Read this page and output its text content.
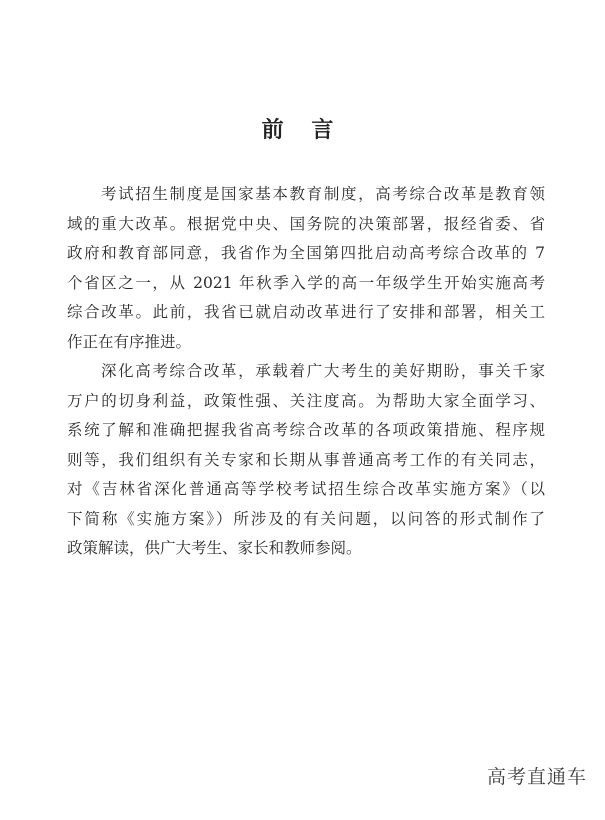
前 言
考试招生制度是国家基本教育制度，高考综合改革是教育领
域的重大改革。根据党中央、国务院的决策部署，报经省委、省
政府和教育部同意，我省作为全国第四批启动高考综合改革的 7
个省区之一，从 2021 年秋季入学的高一年级学生开始实施高考
综合改革。此前，我省已就启动改革进行了安排和部署，相关工
作正在有序推进。
深化高考综合改革，承载着广大考生的美好期盼，事关千家
万户的切身利益，政策性强、关注度高。为帮助大家全面学习、
系统了解和准确把握我省高考综合改革的各项政策措施、程序规
则等，我们组织有关专家和长期从事普通高考工作的有关同志，
对《吉林省深化普通高等学校考试招生综合改革实施方案》（以
下简称《实施方案》）所涉及的有关问题，以问答的形式制作了
政策解读，供广大考生、家长和教师参阅。
高考直通车
